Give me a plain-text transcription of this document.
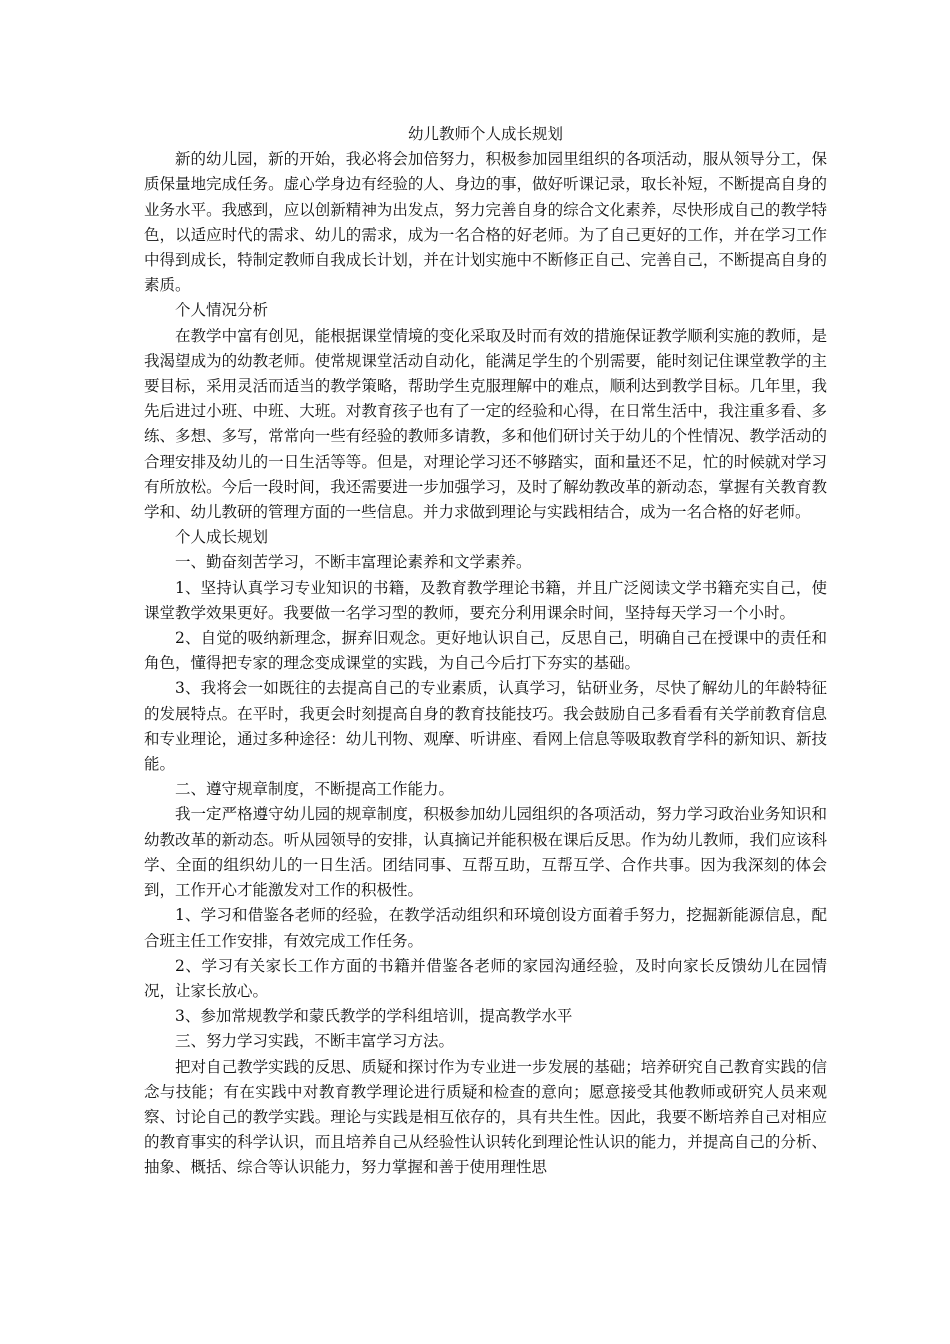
幼儿教师个人成长规划

新的幼儿园，新的开始，我必将会加倍努力，积极参加园里组织的各项活动，服从领导分工，保质保量地完成任务。虚心学身边有经验的人、身边的事，做好听课记录，取长补短，不断提高自身的业务水平。我感到，应以创新精神为出发点，努力完善自身的综合文化素养，尽快形成自己的教学特色，以适应时代的需求、幼儿的需求，成为一名合格的好老师。为了自己更好的工作，并在学习工作中得到成长，特制定教师自我成长计划，并在计划实施中不断修正自己、完善自己，不断提高自身的素质。

个人情况分析

在教学中富有创见，能根据课堂情境的变化采取及时而有效的措施保证教学顺利实施的教师，是我渴望成为的幼教老师。使常规课堂活动自动化，能满足学生的个别需要，能时刻记住课堂教学的主要目标，采用灵活而适当的教学策略，帮助学生克服理解中的难点，顺利达到教学目标。几年里，我先后进过小班、中班、大班。对教育孩子也有了一定的经验和心得，在日常生活中，我注重多看、多练、多想、多写，常常向一些有经验的教师多请教，多和他们研讨关于幼儿的个性情况、教学活动的合理安排及幼儿的一日生活等等。但是，对理论学习还不够踏实，面和量还不足，忙的时候就对学习有所放松。今后一段时间，我还需要进一步加强学习，及时了解幼教改革的新动态，掌握有关教育教学和、幼儿教研的管理方面的一些信息。并力求做到理论与实践相结合，成为一名合格的好老师。

个人成长规划

一、勤奋刻苦学习，不断丰富理论素养和文学素养。

1、坚持认真学习专业知识的书籍，及教育教学理论书籍，并且广泛阅读文学书籍充实自己，使课堂教学效果更好。我要做一名学习型的教师，要充分利用课余时间，坚持每天学习一个小时。

2、自觉的吸纳新理念，摒弃旧观念。更好地认识自己，反思自己，明确自己在授课中的责任和角色，懂得把专家的理念变成课堂的实践，为自己今后打下夯实的基础。

3、我将会一如既往的去提高自己的专业素质，认真学习，钻研业务，尽快了解幼儿的年龄特征的发展特点。在平时，我更会时刻提高自身的教育技能技巧。我会鼓励自己多看看有关学前教育信息和专业理论，通过多种途径：幼儿刊物、观摩、听讲座、看网上信息等吸取教育学科的新知识、新技能。

二、遵守规章制度，不断提高工作能力。

我一定严格遵守幼儿园的规章制度，积极参加幼儿园组织的各项活动，努力学习政治业务知识和幼教改革的新动态。听从园领导的安排，认真摘记并能积极在课后反思。作为幼儿教师，我们应该科学、全面的组织幼儿的一日生活。团结同事、互帮互助，互帮互学、合作共事。因为我深刻的体会到，工作开心才能激发对工作的积极性。

1、学习和借鉴各老师的经验，在教学活动组织和环境创设方面着手努力，挖掘新能源信息，配合班主任工作安排，有效完成工作任务。

2、学习有关家长工作方面的书籍并借鉴各老师的家园沟通经验，及时向家长反馈幼儿在园情况，让家长放心。

3、参加常规教学和蒙氏教学的学科组培训，提高教学水平

三、努力学习实践，不断丰富学习方法。

把对自己教学实践的反思、质疑和探讨作为专业进一步发展的基础；培养研究自己教育实践的信念与技能；有在实践中对教育教学理论进行质疑和检查的意向；愿意接受其他教师或研究人员来观察、讨论自己的教学实践。理论与实践是相互依存的，具有共生性。因此，我要不断培养自己对相应的教育事实的科学认识，而且培养自己从经验性认识转化到理论性认识的能力，并提高自己的分析、抽象、概括、综合等认识能力，努力掌握和善于使用理性思
